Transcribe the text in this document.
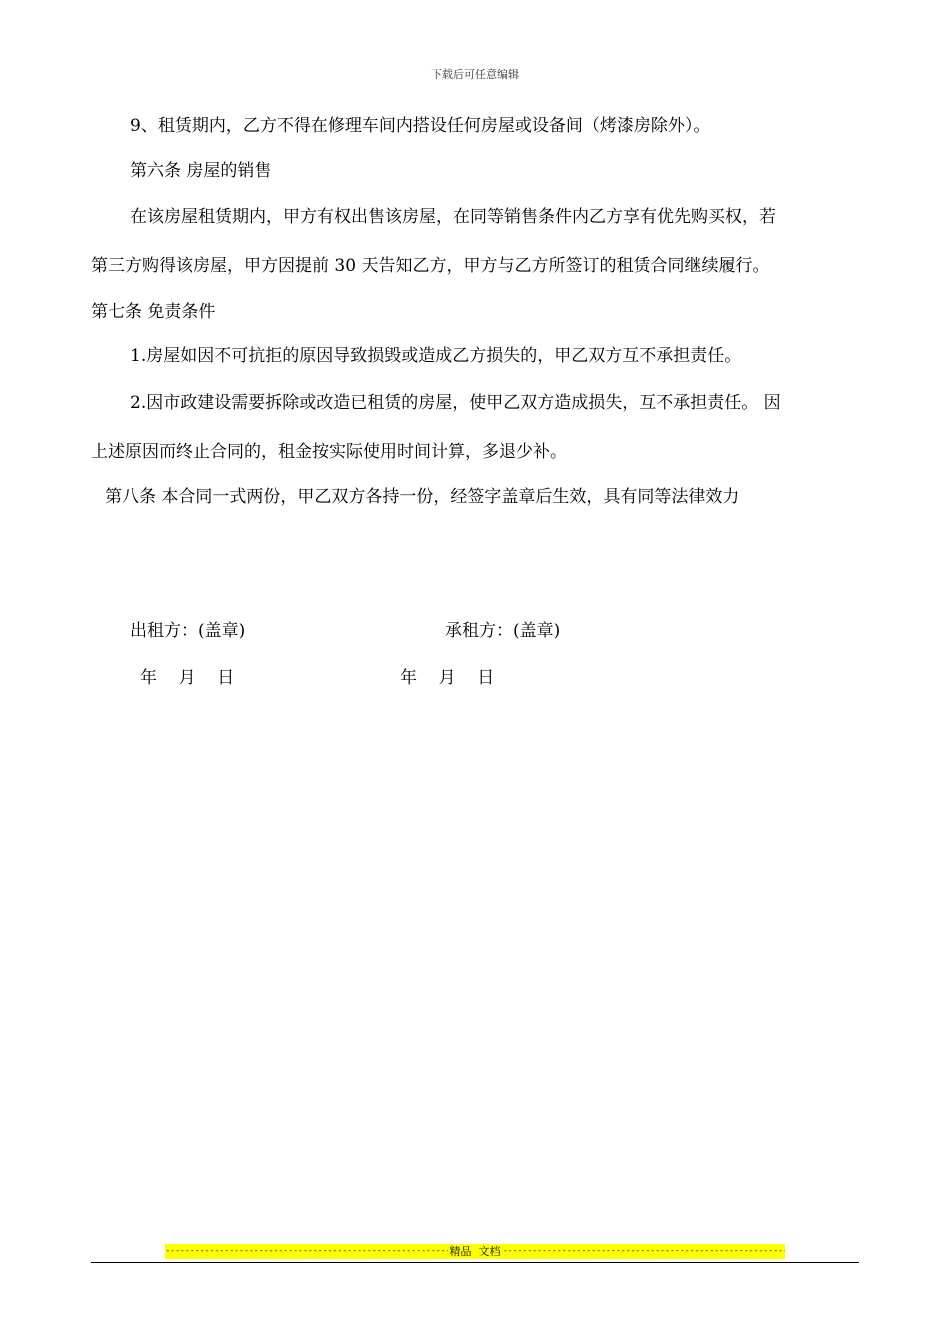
下载后可任意编辑
9、租赁期内，乙方不得在修理车间内搭设任何房屋或设备间（烤漆房除外）。
第六条 房屋的销售
在该房屋租赁期内，甲方有权出售该房屋，在同等销售条件内乙方享有优先购买权，若
第三方购得该房屋，甲方因提前 30 天告知乙方，甲方与乙方所签订的租赁合同继续履行。
第七条 免责条件
1.房屋如因不可抗拒的原因导致损毁或造成乙方损失的，甲乙双方互不承担责任。
2.因市政建设需要拆除或改造已租赁的房屋，使甲乙双方造成损失，互不承担责任。 因
上述原因而终止合同的，租金按实际使用时间计算，多退少补。
第八条 本合同一式两份，甲乙双方各持一份，经签字盖章后生效，具有同等法律效力
出租方：(盖章)	承租方：(盖章)
年    月    日	年    月    日
-----
精品  文档
-----
